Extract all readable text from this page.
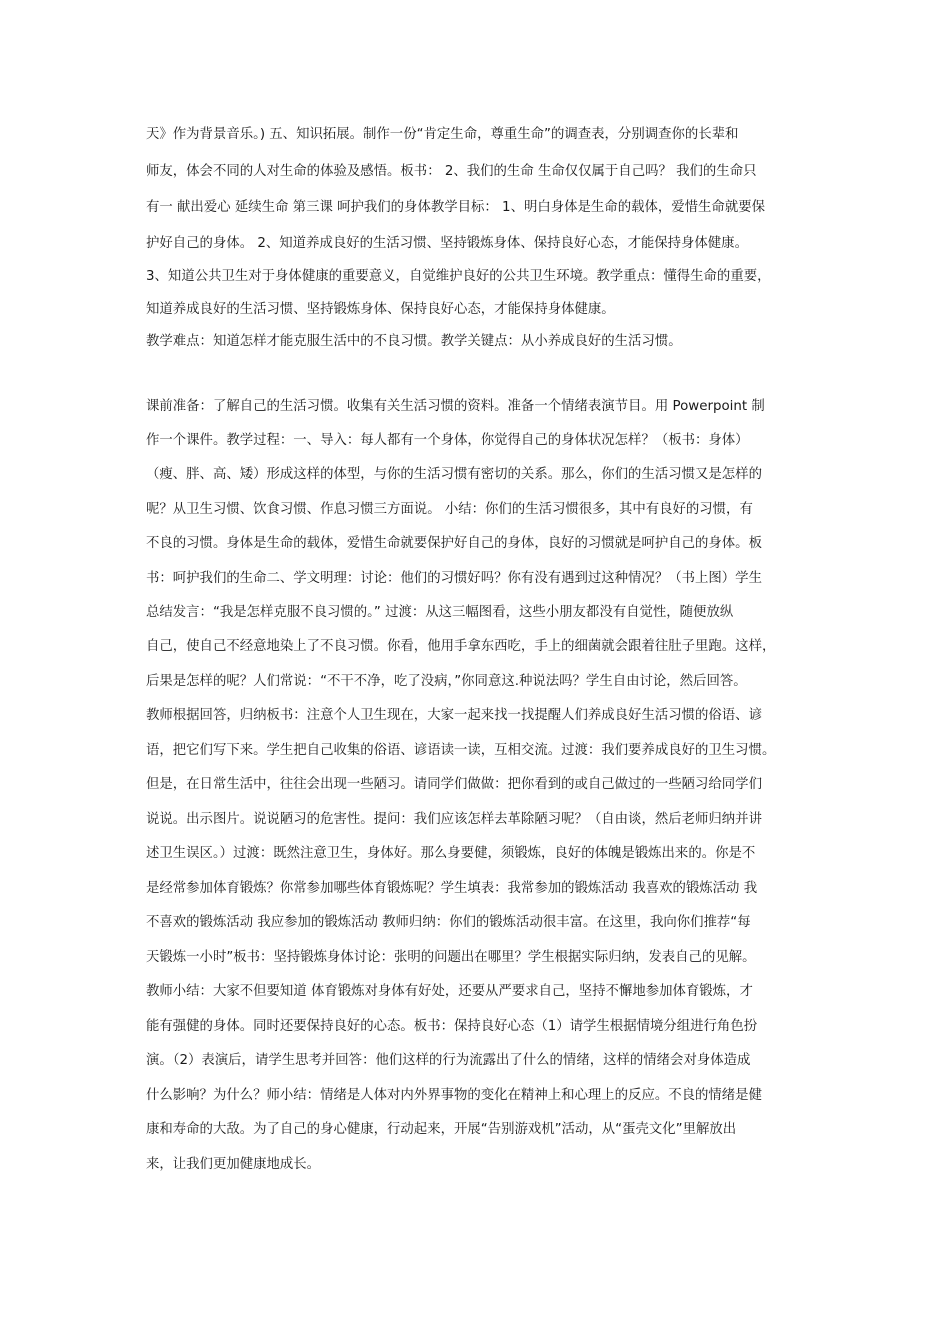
天》作为背景音乐。) 五、知识拓展。制作一份“肯定生命，尊重生命”的调查表，分别调查你的长辈和
师友，体会不同的人对生命的体验及感悟。板书： 2、我们的生命 生命仅仅属于自己吗？ 我们的生命只
有一 献出爱心 延续生命 第三课 呵护我们的身体教学目标： 1、明白身体是生命的载体，爱惜生命就要保
护好自己的身体。 2、知道养成良好的生活习惯、坚持锻炼身体、保持良好心态，才能保持身体健康。
3、知道公共卫生对于身体健康的重要意义，自觉维护良好的公共卫生环境。教学重点：懂得生命的重要，
知道养成良好的生活习惯、坚持锻炼身体、保持良好心态，才能保持身体健康。
教学难点：知道怎样才能克服生活中的不良习惯。教学关键点：从小养成良好的生活习惯。
课前准备：了解自己的生活习惯。收集有关生活习惯的资料。准备一个情绪表演节目。用 Powerpoint 制
作一个课件。教学过程：一、导入：每人都有一个身体，你觉得自己的身体状况怎样？（板书：身体）
（瘦、胖、高、矮）形成这样的体型，与你的生活习惯有密切的关系。那么，你们的生活习惯又是怎样的
呢？从卫生习惯、饮食习惯、作息习惯三方面说。 小结：你们的生活习惯很多，其中有良好的习惯，有
不良的习惯。身体是生命的载体，爱惜生命就要保护好自己的身体，良好的习惯就是呵护自己的身体。板
书：呵护我们的生命二、学文明理：讨论：他们的习惯好吗？你有没有遇到过这种情况？（书上图）学生
总结发言：“我是怎样克服不良习惯的。” 过渡：从这三幅图看，这些小朋友都没有自觉性，随便放纵
自己，使自己不经意地染上了不良习惯。你看，他用手拿东西吃，手上的细菌就会跟着往肚子里跑。这样，
后果是怎样的呢？人们常说：“不干不净，吃了没病，”你同意这.种说法吗？学生自由讨论，然后回答。
教师根据回答，归纳板书：注意个人卫生现在，大家一起来找一找提醒人们养成良好生活习惯的俗语、谚
语，把它们写下来。学生把自己收集的俗语、谚语读一读，互相交流。过渡：我们要养成良好的卫生习惯。
但是，在日常生活中，往往会出现一些陋习。请同学们做做：把你看到的或自己做过的一些陋习给同学们
说说。出示图片。说说陋习的危害性。提问：我们应该怎样去革除陋习呢？（自由谈，然后老师归纳并讲
述卫生误区。）过渡：既然注意卫生，身体好。那么身要健，须锻炼，良好的体魄是锻炼出来的。你是不
是经常参加体育锻炼？你常参加哪些体育锻炼呢？学生填表：我常参加的锻炼活动 我喜欢的锻炼活动 我
不喜欢的锻炼活动 我应参加的锻炼活动 教师归纳：你们的锻炼活动很丰富。在这里，我向你们推荐“每
天锻炼一小时”板书：坚持锻炼身体讨论：张明的问题出在哪里？学生根据实际归纳，发表自己的见解。
教师小结：大家不但要知道 体育锻炼对身体有好处，还要从严要求自己，坚持不懈地参加体育锻炼，才
能有强健的身体。同时还要保持良好的心态。板书：保持良好心态（1）请学生根据情境分组进行角色扮
演。（2）表演后，请学生思考并回答：他们这样的行为流露出了什么的情绪，这样的情绪会对身体造成
什么影响？为什么？师小结：情绪是人体对内外界事物的变化在精神上和心理上的反应。不良的情绪是健
康和寿命的大敌。为了自己的身心健康，行动起来，开展“告别游戏机”活动，从“蛋壳文化”里解放出
来，让我们更加健康地成长。
